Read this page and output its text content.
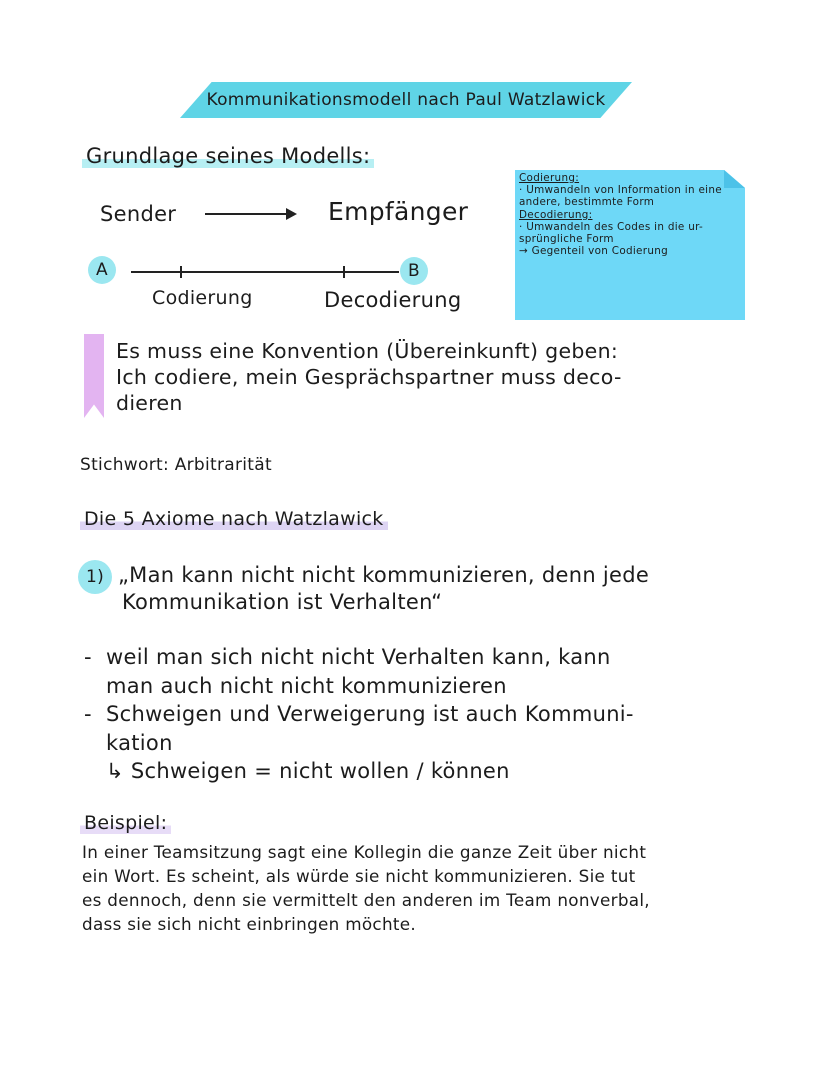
Kommunikationsmodell nach Paul Watzlawick
Grundlage seines Modells:
Sender	Empfänger
A	B
Codierung	Decodierung
Codierung:
· Umwandeln von Information in eine
andere, bestimmte Form
Decodierung:
· Umwandeln des Codes in die ur-
sprüngliche Form
→ Gegenteil von Codierung
Es muss eine Konvention (Übereinkunft) geben:
Ich codiere, mein Gesprächspartner muss deco-
dieren
Stichwort: Arbitrarität
Die 5 Axiome nach Watzlawick
1) „Man kann nicht nicht kommunizieren, denn jede
Kommunikation ist Verhalten“
- weil man sich nicht nicht Verhalten kann, kann
man auch nicht nicht kommunizieren
- Schweigen und Verweigerung ist auch Kommuni-
kation
↳ Schweigen = nicht wollen / können
Beispiel:
In einer Teamsitzung sagt eine Kollegin die ganze Zeit über nicht
ein Wort. Es scheint, als würde sie nicht kommunizieren. Sie tut
es dennoch, denn sie vermittelt den anderen im Team nonverbal,
dass sie sich nicht einbringen möchte.
